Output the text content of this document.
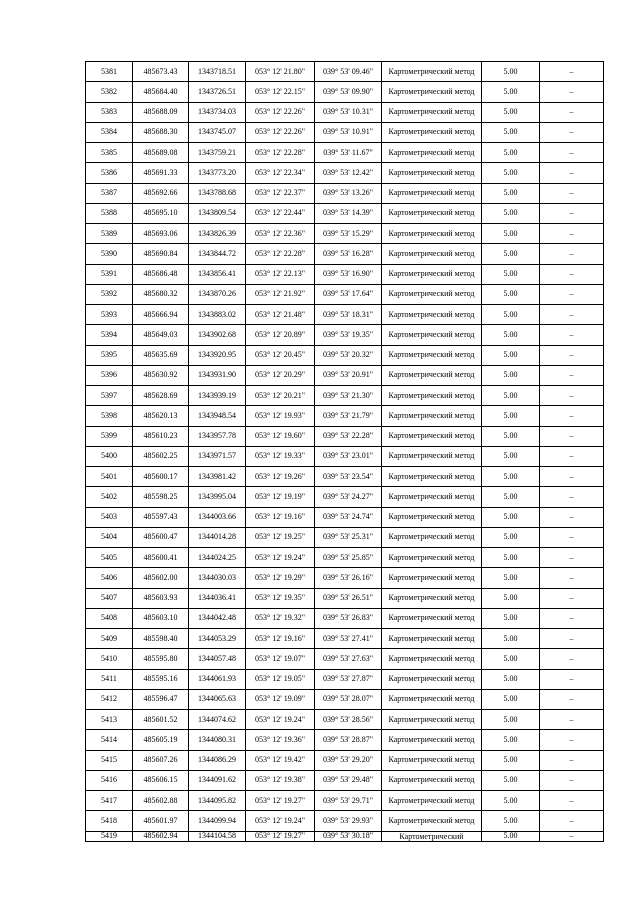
5381	485673.43	1343718.51	053° 12' 21.80"	039° 53' 09.46"	Картометрический метод	5.00	–
5382	485684.40	1343726.51	053° 12' 22.15"	039° 53' 09.90"	Картометрический метод	5.00	–
5383	485688.09	1343734.03	053° 12' 22.26"	039° 53' 10.31"	Картометрический метод	5.00	–
5384	485688.30	1343745.07	053° 12' 22.26"	039° 53' 10.91"	Картометрический метод	5.00	–
5385	485689.08	1343759.21	053° 12' 22.28"	039° 53' 11.67"	Картометрический метод	5.00	–
5386	485691.33	1343773.20	053° 12' 22.34"	039° 53' 12.42"	Картометрический метод	5.00	–
5387	485692.66	1343788.68	053° 12' 22.37"	039° 53' 13.26"	Картометрический метод	5.00	–
5388	485695.10	1343809.54	053° 12' 22.44"	039° 53' 14.39"	Картометрический метод	5.00	–
5389	485693.06	1343826.39	053° 12' 22.36"	039° 53' 15.29"	Картометрический метод	5.00	–
5390	485690.84	1343844.72	053° 12' 22.28"	039° 53' 16.28"	Картометрический метод	5.00	–
5391	485686.48	1343856.41	053° 12' 22.13"	039° 53' 16.90"	Картометрический метод	5.00	–
5392	485680.32	1343870.26	053° 12' 21.92"	039° 53' 17.64"	Картометрический метод	5.00	–
5393	485666.94	1343883.02	053° 12' 21.48"	039° 53' 18.31"	Картометрический метод	5.00	–
5394	485649.03	1343902.68	053° 12' 20.89"	039° 53' 19.35"	Картометрический метод	5.00	–
5395	485635.69	1343920.95	053° 12' 20.45"	039° 53' 20.32"	Картометрический метод	5.00	–
5396	485630.92	1343931.90	053° 12' 20.29"	039° 53' 20.91"	Картометрический метод	5.00	–
5397	485628.69	1343939.19	053° 12' 20.21"	039° 53' 21.30"	Картометрический метод	5.00	–
5398	485620.13	1343948.54	053° 12' 19.93"	039° 53' 21.79"	Картометрический метод	5.00	–
5399	485610.23	1343957.78	053° 12' 19.60"	039° 53' 22.28"	Картометрический метод	5.00	–
5400	485602.25	1343971.57	053° 12' 19.33"	039° 53' 23.01"	Картометрический метод	5.00	–
5401	485600.17	1343981.42	053° 12' 19.26"	039° 53' 23.54"	Картометрический метод	5.00	–
5402	485598.25	1343995.04	053° 12' 19.19"	039° 53' 24.27"	Картометрический метод	5.00	–
5403	485597.43	1344003.66	053° 12' 19.16"	039° 53' 24.74"	Картометрический метод	5.00	–
5404	485600.47	1344014.28	053° 12' 19.25"	039° 53' 25.31"	Картометрический метод	5.00	–
5405	485600.41	1344024.25	053° 12' 19.24"	039° 53' 25.85"	Картометрический метод	5.00	–
5406	485602.00	1344030.03	053° 12' 19.29"	039° 53' 26.16"	Картометрический метод	5.00	–
5407	485603.93	1344036.41	053° 12' 19.35"	039° 53' 26.51"	Картометрический метод	5.00	–
5408	485603.10	1344042.48	053° 12' 19.32"	039° 53' 26.83"	Картометрический метод	5.00	–
5409	485598.40	1344053.29	053° 12' 19.16"	039° 53' 27.41"	Картометрический метод	5.00	–
5410	485595.80	1344057.48	053° 12' 19.07"	039° 53' 27.63"	Картометрический метод	5.00	–
5411	485595.16	1344061.93	053° 12' 19.05"	039° 53' 27.87"	Картометрический метод	5.00	–
5412	485596.47	1344065.63	053° 12' 19.09"	039° 53' 28.07"	Картометрический метод	5.00	–
5413	485601.52	1344074.62	053° 12' 19.24"	039° 53' 28.56"	Картометрический метод	5.00	–
5414	485605.19	1344080.31	053° 12' 19.36"	039° 53' 28.87"	Картометрический метод	5.00	–
5415	485607.26	1344086.29	053° 12' 19.42"	039° 53' 29.20"	Картометрический метод	5.00	–
5416	485606.15	1344091.62	053° 12' 19.38"	039° 53' 29.48"	Картометрический метод	5.00	–
5417	485602.88	1344095.82	053° 12' 19.27"	039° 53' 29.71"	Картометрический метод	5.00	–
5418	485601.97	1344099.94	053° 12' 19.24"	039° 53' 29.93"	Картометрический метод	5.00	–
5419	485602.94	1344104.58	053° 12' 19.27"	039° 53' 30.18"	Картометрический	5.00	–
